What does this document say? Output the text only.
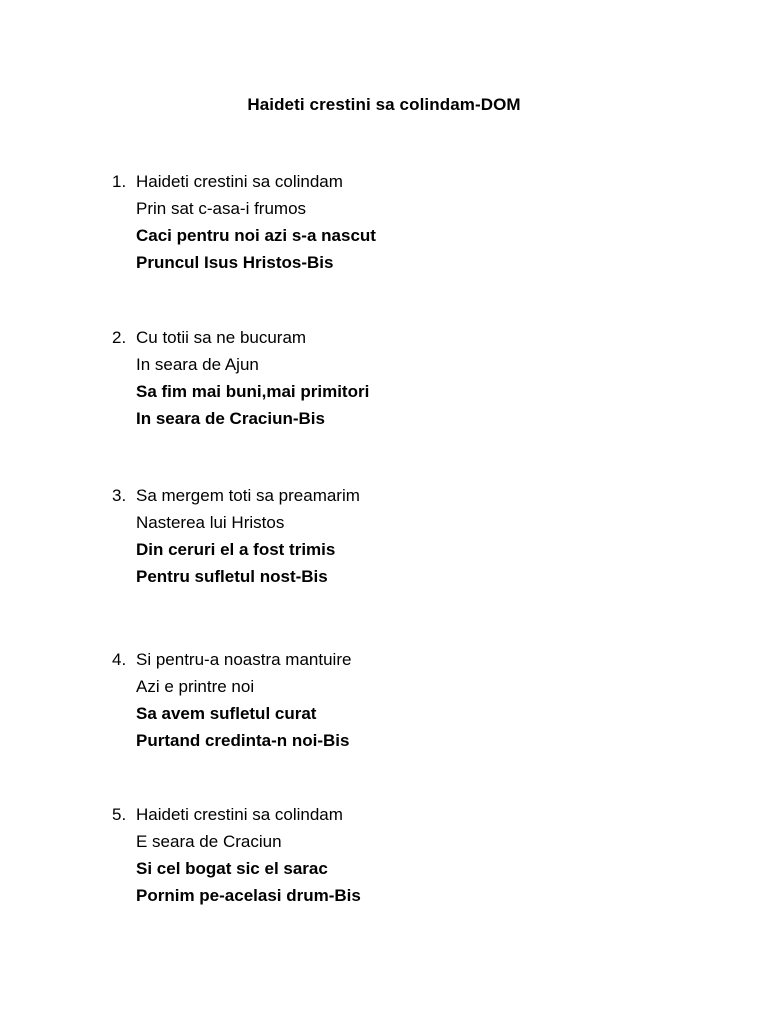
Haideti crestini sa colindam-DOM
1. Haideti crestini sa colindam
Prin sat c-asa-i frumos
Caci pentru noi azi s-a nascut
Pruncul Isus Hristos-Bis
2. Cu totii sa ne bucuram
In seara de Ajun
Sa fim mai buni,mai primitori
In seara de Craciun-Bis
3. Sa mergem toti sa preamarim
Nasterea lui Hristos
Din ceruri el a fost trimis
Pentru sufletul nost-Bis
4. Si pentru-a noastra mantuire
Azi e printre noi
Sa avem sufletul curat
Purtand credinta-n noi-Bis
5. Haideti crestini sa colindam
E seara de Craciun
Si cel bogat sic el sarac
Pornim pe-acelasi drum-Bis
